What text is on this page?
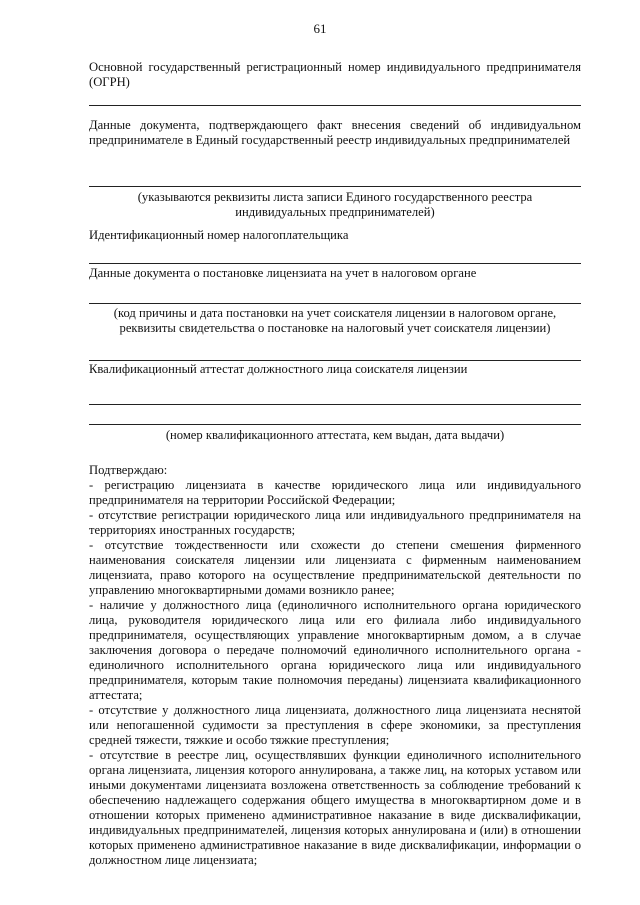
61
Основной государственный регистрационный номер индивидуального предпринимателя (ОГРН)
Данные документа, подтверждающего факт внесения сведений об индивидуальном предпринимателе в Единый государственный реестр индивидуальных предпринимателей
(указываются реквизиты листа записи Единого государственного реестра
индивидуальных предпринимателей)
Идентификационный номер налогоплательщика
Данные документа о постановке лицензиата на учет в налоговом органе
(код причины и дата постановки на учет соискателя лицензии в налоговом органе,
реквизиты свидетельства о постановке на налоговый учет соискателя лицензии)
Квалификационный аттестат должностного лица соискателя лицензии
(номер квалификационного аттестата, кем выдан, дата выдачи)
Подтверждаю:
- регистрацию лицензиата в качестве юридического лица или индивидуального предпринимателя на территории Российской Федерации;
- отсутствие регистрации юридического лица или индивидуального предпринимателя на территориях иностранных государств;
- отсутствие тождественности или схожести до степени смешения фирменного наименования соискателя лицензии или лицензиата с фирменным наименованием лицензиата, право которого на осуществление предпринимательской деятельности по управлению многоквартирными домами возникло ранее;
- наличие у должностного лица (единоличного исполнительного органа юридического лица, руководителя юридического лица или его филиала либо индивидуального предпринимателя, осуществляющих управление многоквартирным домом, а в случае заключения договора о передаче полномочий единоличного исполнительного органа - единоличного исполнительного органа юридического лица или индивидуального предпринимателя, которым такие полномочия переданы) лицензиата квалификационного аттестата;
- отсутствие у должностного лица лицензиата, должностного лица лицензиата неснятой или непогашенной судимости за преступления в сфере экономики, за преступления средней тяжести, тяжкие и особо тяжкие преступления;
- отсутствие в реестре лиц, осуществлявших функции единоличного исполнительного органа лицензиата, лицензия которого аннулирована, а также лиц, на которых уставом или иными документами лицензиата возложена ответственность за соблюдение требований к обеспечению надлежащего содержания общего имущества в многоквартирном доме и в отношении которых применено административное наказание в виде дисквалификации, индивидуальных предпринимателей, лицензия которых аннулирована и (или) в отношении которых применено административное наказание в виде дисквалификации, информации о должностном лице лицензиата;
